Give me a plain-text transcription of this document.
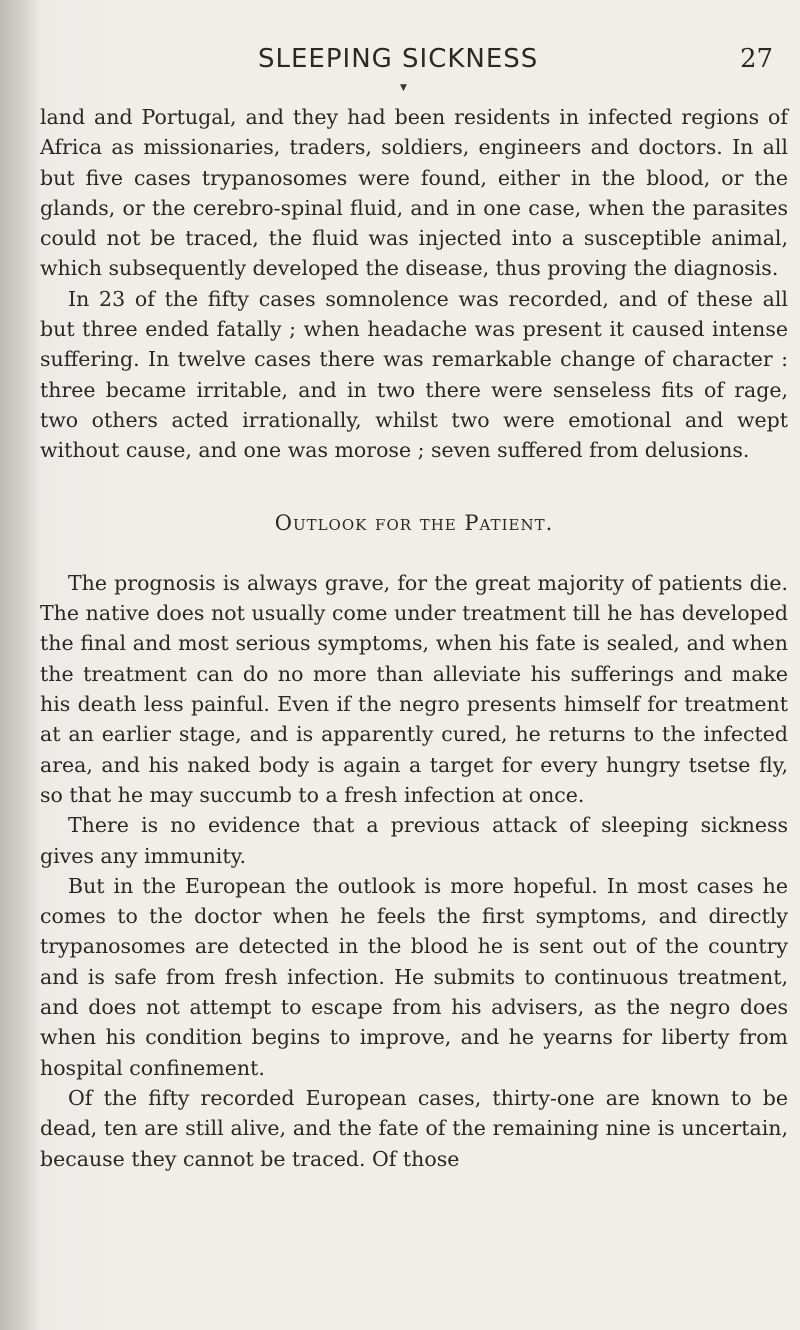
SLEEPING SICKNESS	27
▼

land and Portugal, and they had been residents in infected regions of Africa as missionaries, traders, soldiers, engineers and doctors. In all but five cases trypanosomes were found, either in the blood, or the glands, or the cerebro-spinal fluid, and in one case, when the parasites could not be traced, the fluid was injected into a susceptible animal, which subsequently developed the disease, thus proving the diagnosis.

In 23 of the fifty cases somnolence was recorded, and of these all but three ended fatally ; when headache was present it caused intense suffering. In twelve cases there was remarkable change of character : three became irritable, and in two there were senseless fits of rage, two others acted irrationally, whilst two were emotional and wept without cause, and one was morose ; seven suffered from delusions.

Outlook for the Patient.

The prognosis is always grave, for the great majority of patients die. The native does not usually come under treatment till he has developed the final and most serious symptoms, when his fate is sealed, and when the treatment can do no more than alleviate his sufferings and make his death less painful. Even if the negro presents himself for treatment at an earlier stage, and is apparently cured, he returns to the infected area, and his naked body is again a target for every hungry tsetse fly, so that he may succumb to a fresh infection at once.

There is no evidence that a previous attack of sleeping sickness gives any immunity.

But in the European the outlook is more hopeful. In most cases he comes to the doctor when he feels the first symptoms, and directly trypanosomes are detected in the blood he is sent out of the country and is safe from fresh infection. He submits to continuous treatment, and does not attempt to escape from his advisers, as the negro does when his condition begins to improve, and he yearns for liberty from hospital confinement.

Of the fifty recorded European cases, thirty-one are known to be dead, ten are still alive, and the fate of the remaining nine is uncertain, because they cannot be traced. Of those
